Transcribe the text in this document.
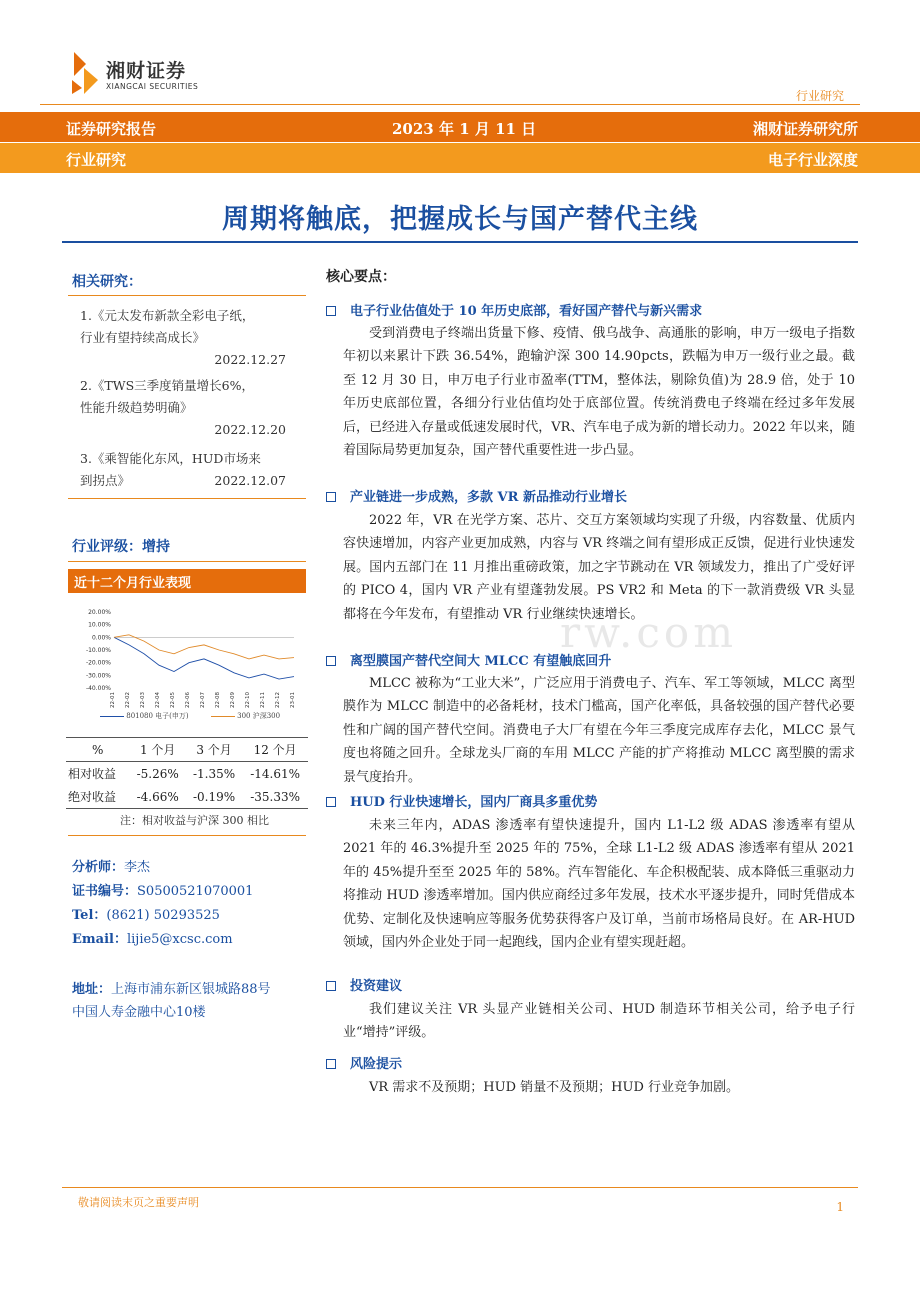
湘财证券
XIANGCAI SECURITIES
行业研究
证券研究报告	2023 年 1 月 11 日	湘财证券研究所
行业研究	电子行业深度
周期将触底，把握成长与国产替代主线
相关研究：
1.《元太发布新款全彩电子纸，
行业有望持续高成长》
2022.12.27
2.《TWS三季度销量增长6%，
性能升级趋势明确》
2022.12.20
3.《乘智能化东风，HUD市场来
到拐点》	2022.12.07
行业评级：增持
近十二个月行业表现
20.00%
10.00%
0.00%
-10.00%
-20.00%
-30.00%
-40.00%
22-01 22-02 22-03 22-04 22-05 22-06 22-07 22-08 22-09 22-10 22-11 22-12 23-01
801080 电子(申万)	300 沪深300
%	1 个月	3 个月	12 个月
相对收益	-5.26%	-1.35%	-14.61%
绝对收益	-4.66%	-0.19%	-35.33%
注：相对收益与沪深 300 相比
分析师：李杰
证书编号：S0500521070001
Tel：(8621) 50293525
Email：lijie5@xcsc.com
地址：上海市浦东新区银城路88号
中国人寿金融中心10楼
rw.com
核心要点：
电子行业估值处于 10 年历史底部，看好国产替代与新兴需求
受到消费电子终端出货量下修、疫情、俄乌战争、高通胀的影响，申万一级电子指数年初以来累计下跌 36.54%，跑输沪深 300 14.90pcts，跌幅为申万一级行业之最。截至 12 月 30 日，申万电子行业市盈率(TTM，整体法，剔除负值)为 28.9 倍，处于 10 年历史底部位置，各细分行业估值均处于底部位置。传统消费电子终端在经过多年发展后，已经进入存量或低速发展时代，VR、汽车电子成为新的增长动力。2022 年以来，随着国际局势更加复杂，国产替代重要性进一步凸显。
产业链进一步成熟，多款 VR 新品推动行业增长
2022 年，VR 在光学方案、芯片、交互方案领域均实现了升级，内容数量、优质内容快速增加，内容产业更加成熟，内容与 VR 终端之间有望形成正反馈，促进行业快速发展。国内五部门在 11 月推出重磅政策，加之字节跳动在 VR 领域发力，推出了广受好评的 PICO 4，国内 VR 产业有望蓬勃发展。PS VR2 和 Meta 的下一款消费级 VR 头显都将在今年发布，有望推动 VR 行业继续快速增长。
离型膜国产替代空间大 MLCC 有望触底回升
MLCC 被称为“工业大米”，广泛应用于消费电子、汽车、军工等领域，MLCC 离型膜作为 MLCC 制造中的必备耗材，技术门槛高，国产化率低，具备较强的国产替代必要性和广阔的国产替代空间。消费电子大厂有望在今年三季度完成库存去化，MLCC 景气度也将随之回升。全球龙头厂商的车用 MLCC 产能的扩产将推动 MLCC 离型膜的需求景气度抬升。
HUD 行业快速增长，国内厂商具多重优势
未来三年内，ADAS 渗透率有望快速提升，国内 L1-L2 级 ADAS 渗透率有望从 2021 年的 46.3%提升至 2025 年的 75%，全球 L1-L2 级 ADAS 渗透率有望从 2021 年的 45%提升至至 2025 年的 58%。汽车智能化、车企积极配装、成本降低三重驱动力将推动 HUD 渗透率增加。国内供应商经过多年发展，技术水平逐步提升，同时凭借成本优势、定制化及快速响应等服务优势获得客户及订单，当前市场格局良好。在 AR-HUD 领域，国内外企业处于同一起跑线，国内企业有望实现赶超。
投资建议
我们建议关注 VR 头显产业链相关公司、HUD 制造环节相关公司，给予电子行业“增持”评级。
风险提示
VR 需求不及预期；HUD 销量不及预期；HUD 行业竞争加剧。
敬请阅读末页之重要声明	1
